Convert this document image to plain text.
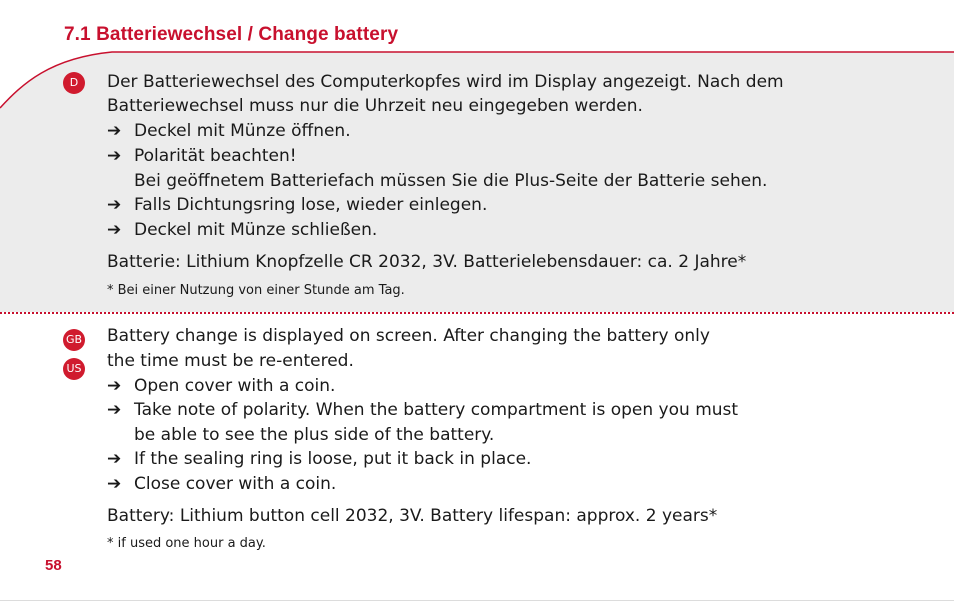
7.1 Batteriewechsel / Change battery
D	Der Batteriewechsel des Computerkopfes wird im Display angezeigt. Nach dem
Batteriewechsel muss nur die Uhrzeit neu eingegeben werden.
➔ Deckel mit Münze öffnen.
➔ Polarität beachten!
Bei geöffnetem Batteriefach müssen Sie die Plus-Seite der Batterie sehen.
➔ Falls Dichtungsring lose, wieder einlegen.
➔ Deckel mit Münze schließen.
Batterie: Lithium Knopfzelle CR 2032, 3V. Batterielebensdauer: ca. 2 Jahre*
* Bei einer Nutzung von einer Stunde am Tag.
GB
US
Battery change is displayed on screen. After changing the battery only
the time must be re-entered.
➔ Open cover with a coin.
➔ Take note of polarity. When the battery compartment is open you must
be able to see the plus side of the battery.
➔ If the sealing ring is loose, put it back in place.
➔ Close cover with a coin.
Battery: Lithium button cell 2032, 3V. Battery lifespan: approx. 2 years*
* if used one hour a day.
58
